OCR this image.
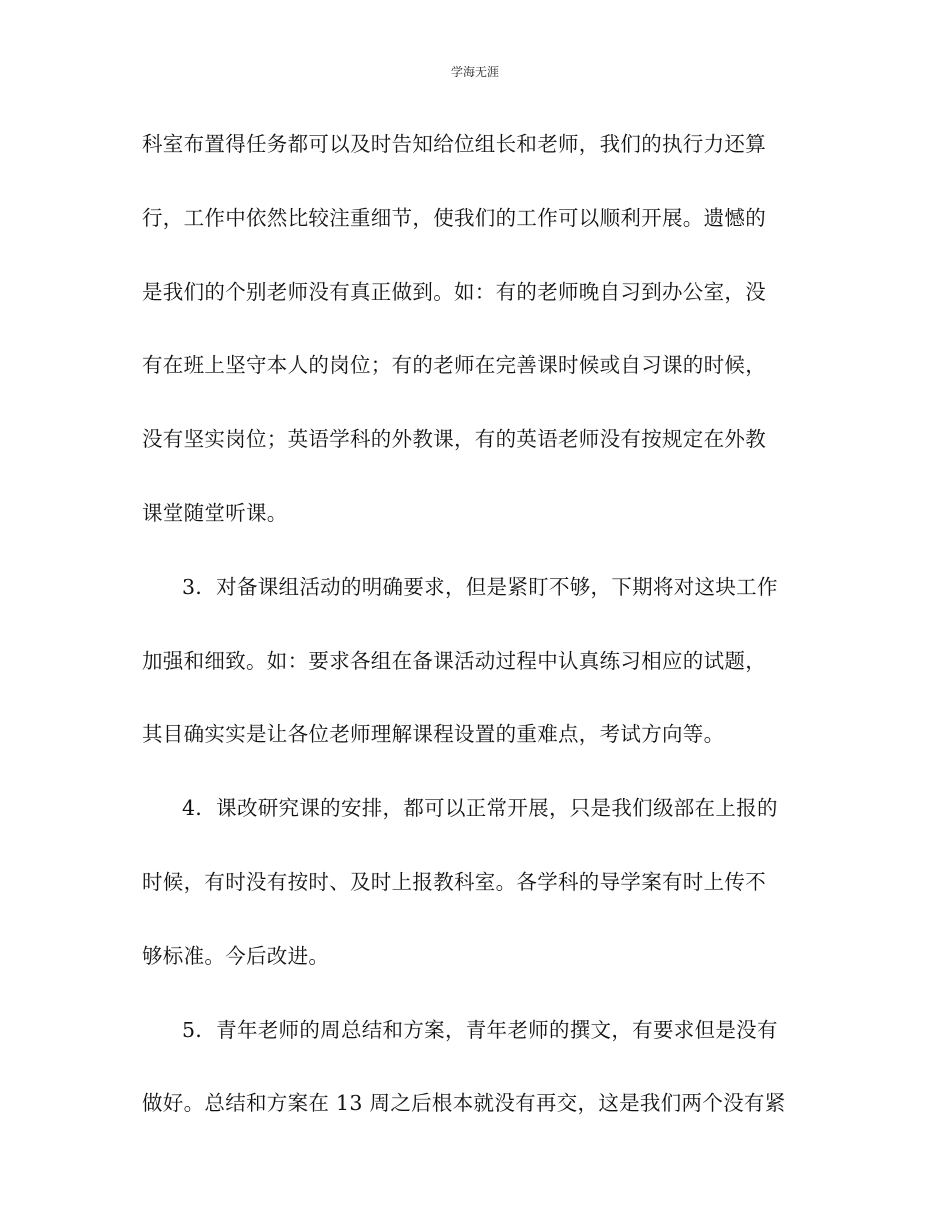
学海无涯
科室布置得任务都可以及时告知给位组长和老师，我们的执行力还算
行，工作中依然比较注重细节，使我们的工作可以顺利开展。遗憾的
是我们的个别老师没有真正做到。如：有的老师晚自习到办公室，没
有在班上坚守本人的岗位；有的老师在完善课时候或自习课的时候，
没有坚实岗位；英语学科的外教课，有的英语老师没有按规定在外教
课堂随堂听课。
3．对备课组活动的明确要求，但是紧盯不够，下期将对这块工作
加强和细致。如：要求各组在备课活动过程中认真练习相应的试题，
其目确实实是让各位老师理解课程设置的重难点，考试方向等。
4．课改研究课的安排，都可以正常开展，只是我们级部在上报的
时候，有时没有按时、及时上报教科室。各学科的导学案有时上传不
够标准。今后改进。
5．青年老师的周总结和方案，青年老师的撰文，有要求但是没有
做好。总结和方案在 13 周之后根本就没有再交，这是我们两个没有紧
